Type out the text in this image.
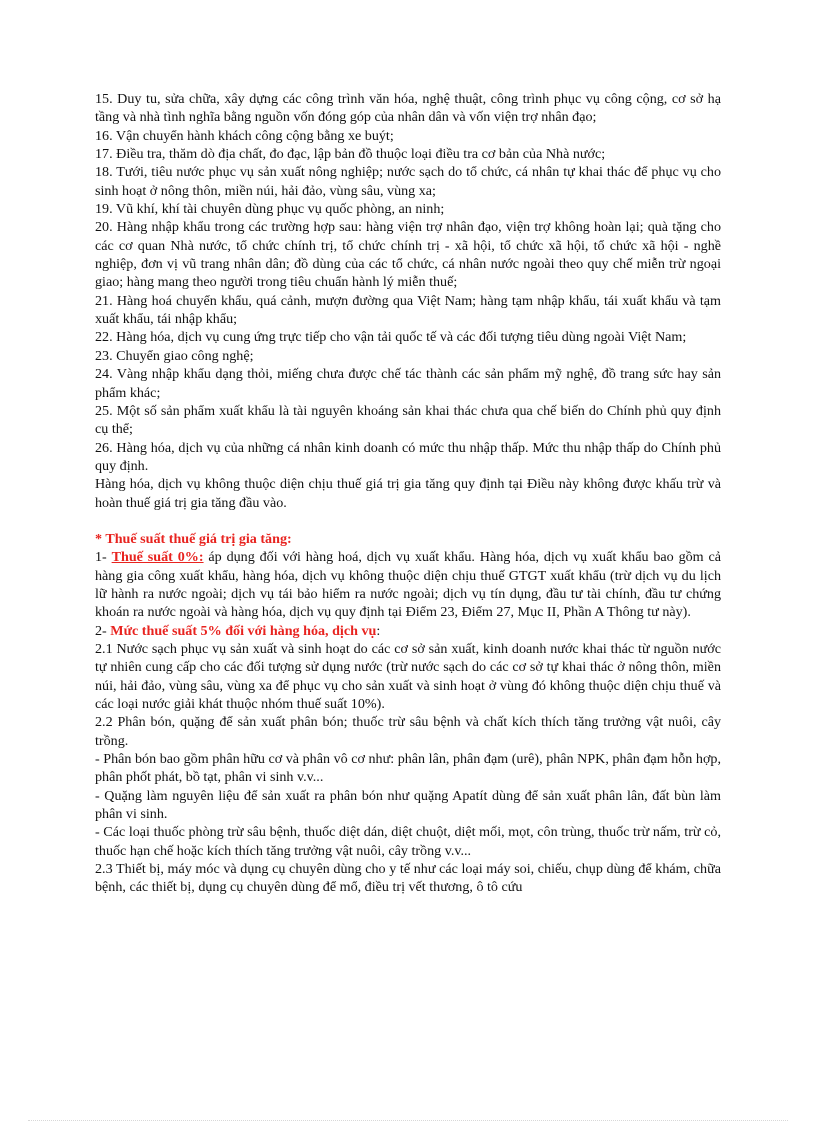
15. Duy tu, sửa chữa, xây dựng các công trình văn hóa, nghệ thuật, công trình phục vụ công cộng, cơ sở hạ tầng và nhà tình nghĩa bằng nguồn vốn đóng góp của nhân dân và vốn viện trợ nhân đạo;

16. Vận chuyển hành khách công cộng bằng xe buýt;

17. Điều tra, thăm dò địa chất, đo đạc, lập bản đồ thuộc loại điều tra cơ bản của Nhà nước;

18. Tưới, tiêu nước phục vụ sản xuất nông nghiệp; nước sạch do tổ chức, cá nhân tự khai thác để phục vụ cho sinh hoạt ở nông thôn, miền núi, hải đảo, vùng sâu, vùng xa;

19. Vũ khí, khí tài chuyên dùng phục vụ quốc phòng, an ninh;

20. Hàng nhập khẩu trong các trường hợp sau: hàng viện trợ nhân đạo, viện trợ không hoàn lại; quà tặng cho các cơ quan Nhà nước, tổ chức chính trị, tổ chức chính trị - xã hội, tổ chức xã hội, tổ chức xã hội - nghề nghiệp, đơn vị vũ trang nhân dân; đồ dùng của các tổ chức, cá nhân nước ngoài theo quy chế miễn trừ ngoại giao; hàng mang theo người trong tiêu chuẩn hành lý miễn thuế;

21. Hàng hoá chuyển khẩu, quá cảnh, mượn đường qua Việt Nam; hàng tạm nhập khẩu, tái xuất khẩu và tạm xuất khẩu, tái nhập khẩu;

22. Hàng hóa, dịch vụ cung ứng trực tiếp cho vận tải quốc tế và các đối tượng tiêu dùng ngoài Việt Nam;

23. Chuyển giao công nghệ;

24. Vàng nhập khẩu dạng thỏi, miếng chưa được chế tác thành các sản phẩm mỹ nghệ, đồ trang sức hay sản phẩm khác;

25. Một số sản phẩm xuất khẩu là tài nguyên khoáng sản khai thác chưa qua chế biến do Chính phủ quy định cụ thể;

26. Hàng hóa, dịch vụ của những cá nhân kinh doanh có mức thu nhập thấp. Mức thu nhập thấp do Chính phủ quy định.

Hàng hóa, dịch vụ không thuộc diện chịu thuế giá trị gia tăng quy định tại Điều này không được khấu trừ và hoàn thuế giá trị gia tăng đầu vào.

* Thuế suất thuế giá trị gia tăng:

1- Thuế suất 0%: áp dụng đối với hàng hoá, dịch vụ xuất khẩu. Hàng hóa, dịch vụ xuất khẩu bao gồm cả hàng gia công xuất khẩu, hàng hóa, dịch vụ không thuộc diện chịu thuế GTGT xuất khẩu (trừ dịch vụ du lịch lữ hành ra nước ngoài; dịch vụ tái bảo hiểm ra nước ngoài; dịch vụ tín dụng, đầu tư tài chính, đầu tư chứng khoán ra nước ngoài và hàng hóa, dịch vụ quy định tại Điểm 23, Điểm 27, Mục II, Phần A Thông tư này).

2- Mức thuế suất 5% đối với hàng hóa, dịch vụ:

2.1 Nước sạch phục vụ sản xuất và sinh hoạt do các cơ sở sản xuất, kinh doanh nước khai thác từ nguồn nước tự nhiên cung cấp cho các đối tượng sử dụng nước (trừ nước sạch do các cơ sở tự khai thác ở nông thôn, miền núi, hải đảo, vùng sâu, vùng xa để phục vụ cho sản xuất và sinh hoạt ở vùng đó không thuộc diện chịu thuế và các loại nước giải khát thuộc nhóm thuế suất 10%).

2.2 Phân bón, quặng để sản xuất phân bón; thuốc trừ sâu bệnh và chất kích thích tăng trưởng vật nuôi, cây trồng.

- Phân bón bao gồm phân hữu cơ và phân vô cơ như: phân lân, phân đạm (urê), phân NPK, phân đạm hỗn hợp, phân phốt phát, bồ tạt, phân vi sinh v.v...

- Quặng làm nguyên liệu để sản xuất ra phân bón như quặng Apatít dùng để sản xuất phân lân, đất bùn làm phân vi sinh.

- Các loại thuốc phòng trừ sâu bệnh, thuốc diệt dán, diệt chuột, diệt mối, mọt, côn trùng, thuốc trừ nấm, trừ cỏ, thuốc hạn chế hoặc kích thích tăng trưởng vật nuôi, cây trồng v.v...

2.3 Thiết bị, máy móc và dụng cụ chuyên dùng cho y tế như các loại máy soi, chiếu, chụp dùng để khám, chữa bệnh, các thiết bị, dụng cụ chuyên dùng để mổ, điều trị vết thương, ô tô cứu
